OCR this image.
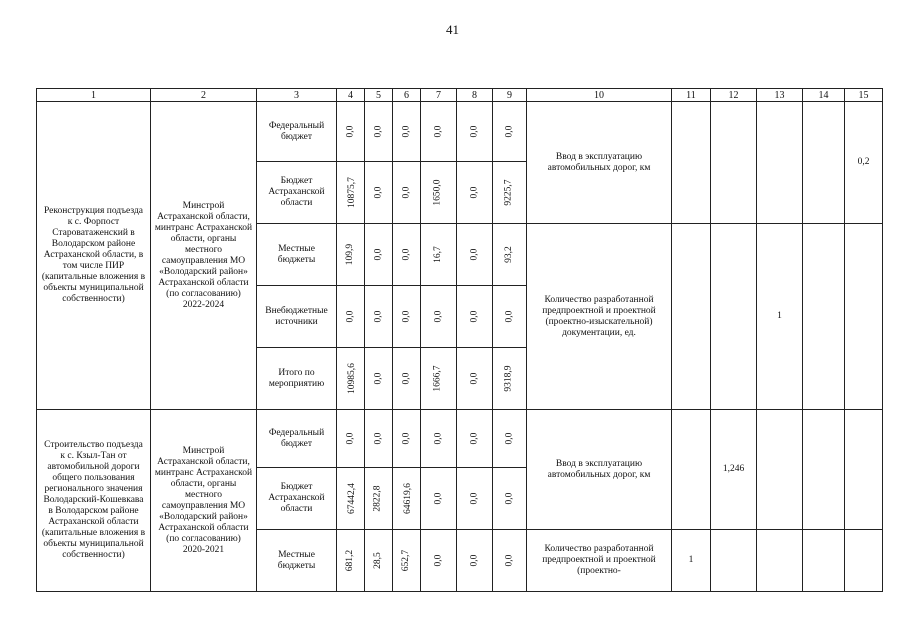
41
1	2	3	4	5	6	7	8	9	10	11	12	13	14	15
Реконструкция подъезда к с. Форпост Староватаженский в Володарском районе Астраханской области, в том числе ПИР (капитальные вложения в объекты муниципальной собственности)	Минстрой Астраханской области, минтранс Астраханской области, органы местного самоуправления МО «Володарский район» Астраханской области (по согласованию) 2022-2024	Федеральный бюджет	0,0	0,0	0,0	0,0	0,0	0,0	Ввод в эксплуатацию автомобильных дорог, км					0,2
		Бюджет Астраханской области	10875,7	0,0	0,0	1650,0	0,0	9225,7						
		Местные бюджеты	109,9	0,0	0,0	16,7	0,0	93,2	Количество разработанной предпроектной и проектной (проектно-изыскательной) документации, ед.			1		
		Внебюджетные источники	0,0	0,0	0,0	0,0	0,0	0,0						
		Итого по мероприятию	10985,6	0,0	0,0	1666,7	0,0	9318,9						
Строительство подъезда к с. Кзыл-Тан от автомобильной дороги общего пользования регионального значения Володарский-Кошевкава в Володарском районе Астраханской области (капитальные вложения в объекты муниципальной собственности)	Минстрой Астраханской области, минтранс Астраханской области, органы местного самоуправления МО «Володарский район» Астраханской области (по согласованию) 2020-2021	Федеральный бюджет	0,0	0,0	0,0	0,0	0,0	0,0	Ввод в эксплуатацию автомобильных дорог, км		1,246			
		Бюджет Астраханской области	67442,4	2822,8	64619,6	0,0	0,0	0,0						
		Местные бюджеты	681,2	28,5	652,7	0,0	0,0	0,0	Количество разработанной предпроектной и проектной (проектно-	1				
